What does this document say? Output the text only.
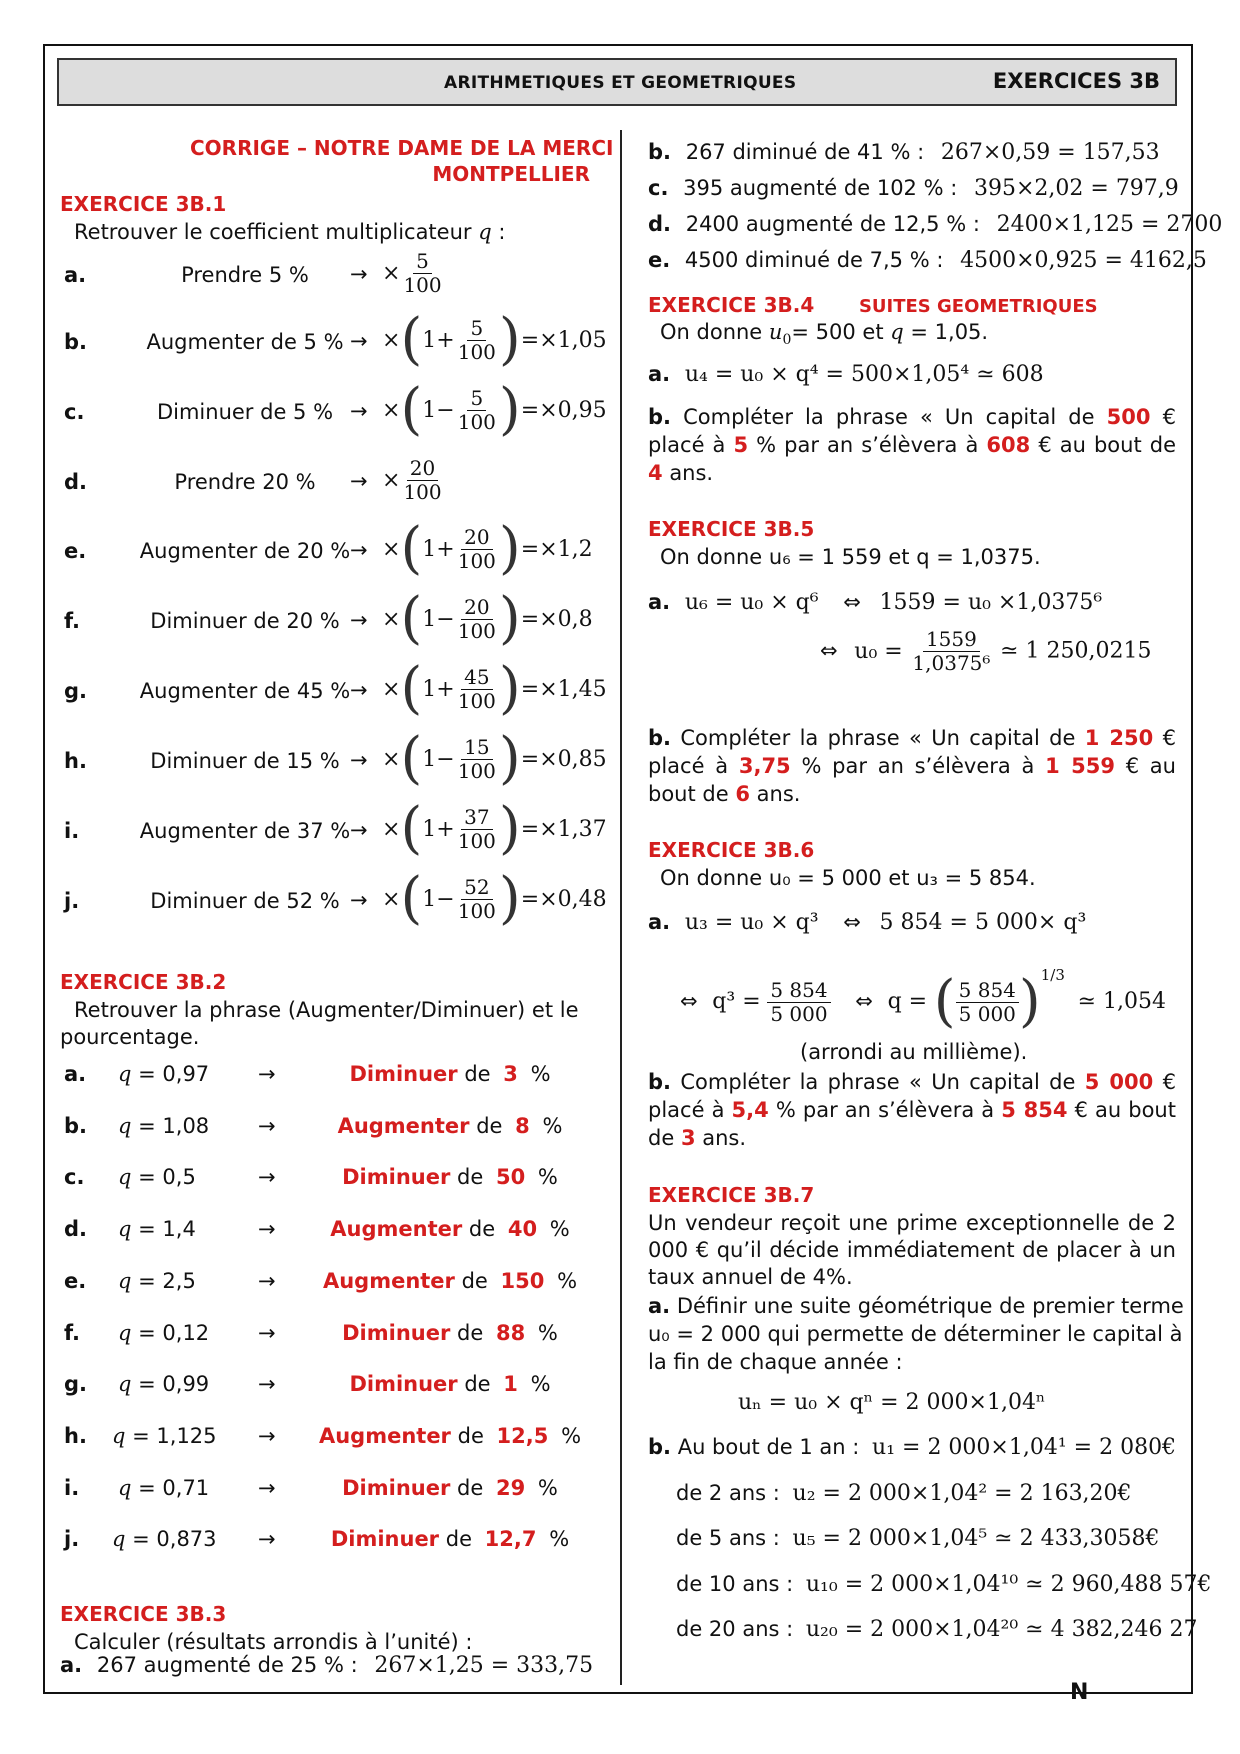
ARITHMETIQUES ET GEOMETRIQUES	EXERCICES 3B
CORRIGE – NOTRE DAME DE LA MERCI
MONTPELLIER
EXERCICE 3B.1
Retrouver le coefficient multiplicateur q :
a.	Prendre 5 %	→ × $\frac{5}{100}$
b.	Augmenter de 5 % → × ( $1+ \frac{5}{100}$ ) =×1,05
c.	Diminuer de 5 % → × ( $1- \frac{5}{100}$ ) =×0,95
d.	Prendre 20 %	→ × $\frac{20}{100}$
e.	Augmenter de 20 % → × ( $1+ \frac{20}{100}$ ) =×1,2
f.	Diminuer de 20 % → × ( $1- \frac{20}{100}$ ) =×0,8
g.	Augmenter de 45 % → × ( $1+ \frac{45}{100}$ ) =×1,45
h.	Diminuer de 15 % → × ( $1- \frac{15}{100}$ ) =×0,85
i.	Augmenter de 37 % → × ( $1+ \frac{37}{100}$ ) =×1,37
j.	Diminuer de 52 % → × ( $1- \frac{52}{100}$ ) =×0,48
EXERCICE 3B.2
Retrouver la phrase (Augmenter/Diminuer) et le
pourcentage.
a. q = 0,97 →	Diminuer de 3 %
b. q = 1,08 →	Augmenter de 8 %
c. q = 0,5	→	Diminuer de 50 %
d. q = 1,4	→	Augmenter de 40 %
e. q = 2,5	→	Augmenter de 150 %
f. q = 0,12 →	Diminuer de 88 %
g. q = 0,99 →	Diminuer de 1 %
h. q = 1,125 →	Augmenter de 12,5 %
i. q = 0,71 →	Diminuer de 29 %
j. q = 0,873 →	Diminuer de 12,7 %
EXERCICE 3B.3
Calculer (résultats arrondis à l’unité) :
a. 267 augmenté de 25 % : 267×1,25 = 333,75
b. 267 diminué de 41 % : 267×0,59 = 157,53
c. 395 augmenté de 102 % : 395×2,02 = 797,9
d. 2400 augmenté de 12,5 % : 2400×1,125 = 2700
e. 4500 diminué de 7,5 % : 4500×0,925 = 4162,5
EXERCICE 3B.4 SUITES GEOMETRIQUES
On donne $u_0= 500$ et q = 1,05.
a. u₄ = u₀ × q⁴ = 500×1,05⁴ ≃ 608
b. Compléter la phrase « Un capital de 500 € placé à 5 % par an s’élèvera à 608 € au bout de 4 ans.
EXERCICE 3B.5
On donne u₆ = 1 559 et q = 1,0375.
a. u₆ = u₀ × q⁶ ⇔ 1559 = u₀ ×1,0375⁶
⇔ $u_0 = \frac{1559}{\text{1,0375⁶}}$ ≃ 1 250,0215
b. Compléter la phrase « Un capital de 1 250 € placé à 3,75 % par an s’élèvera à 1 559 € au bout de 6 ans.
EXERCICE 3B.6
On donne u₀ = 5 000 et u₃ = 5 854.
a. u₃ = u₀ × q³ ⇔ 5 854 = 5 000× q³
⇔ $q^3 = \frac{5 854}{5 000}$ ⇔ q = ( $\frac{5 854}{5 000} )^{1/3}$ ≃ 1,054
(arrondi au millième).
b. Compléter la phrase « Un capital de 5 000 € placé à 5,4 % par an s’élèvera à 5 854 € au bout de 3 ans.
EXERCICE 3B.7
Un vendeur reçoit une prime exceptionnelle de 2 000 € qu’il décide immédiatement de placer à un taux annuel de 4%.
a. Définir une suite géométrique de premier terme
u₀ = 2 000 qui permette de déterminer le capital à
la fin de chaque année :
uₙ = u₀ × qⁿ = 2 000×1,04ⁿ
b. Au bout de 1 an : u₁ = 2 000×1,04¹ = 2 080€
de 2 ans : u₂ = 2 000×1,04² = 2 163,20€
de 5 ans : u₅ = 2 000×1,04⁵ ≃ 2 433,3058€
de 10 ans : u₁₀ = 2 000×1,04¹⁰ ≃ 2 960,488 57€
de 20 ans : u₂₀ = 2 000×1,04²⁰ ≃ 4 382,246 27
N
